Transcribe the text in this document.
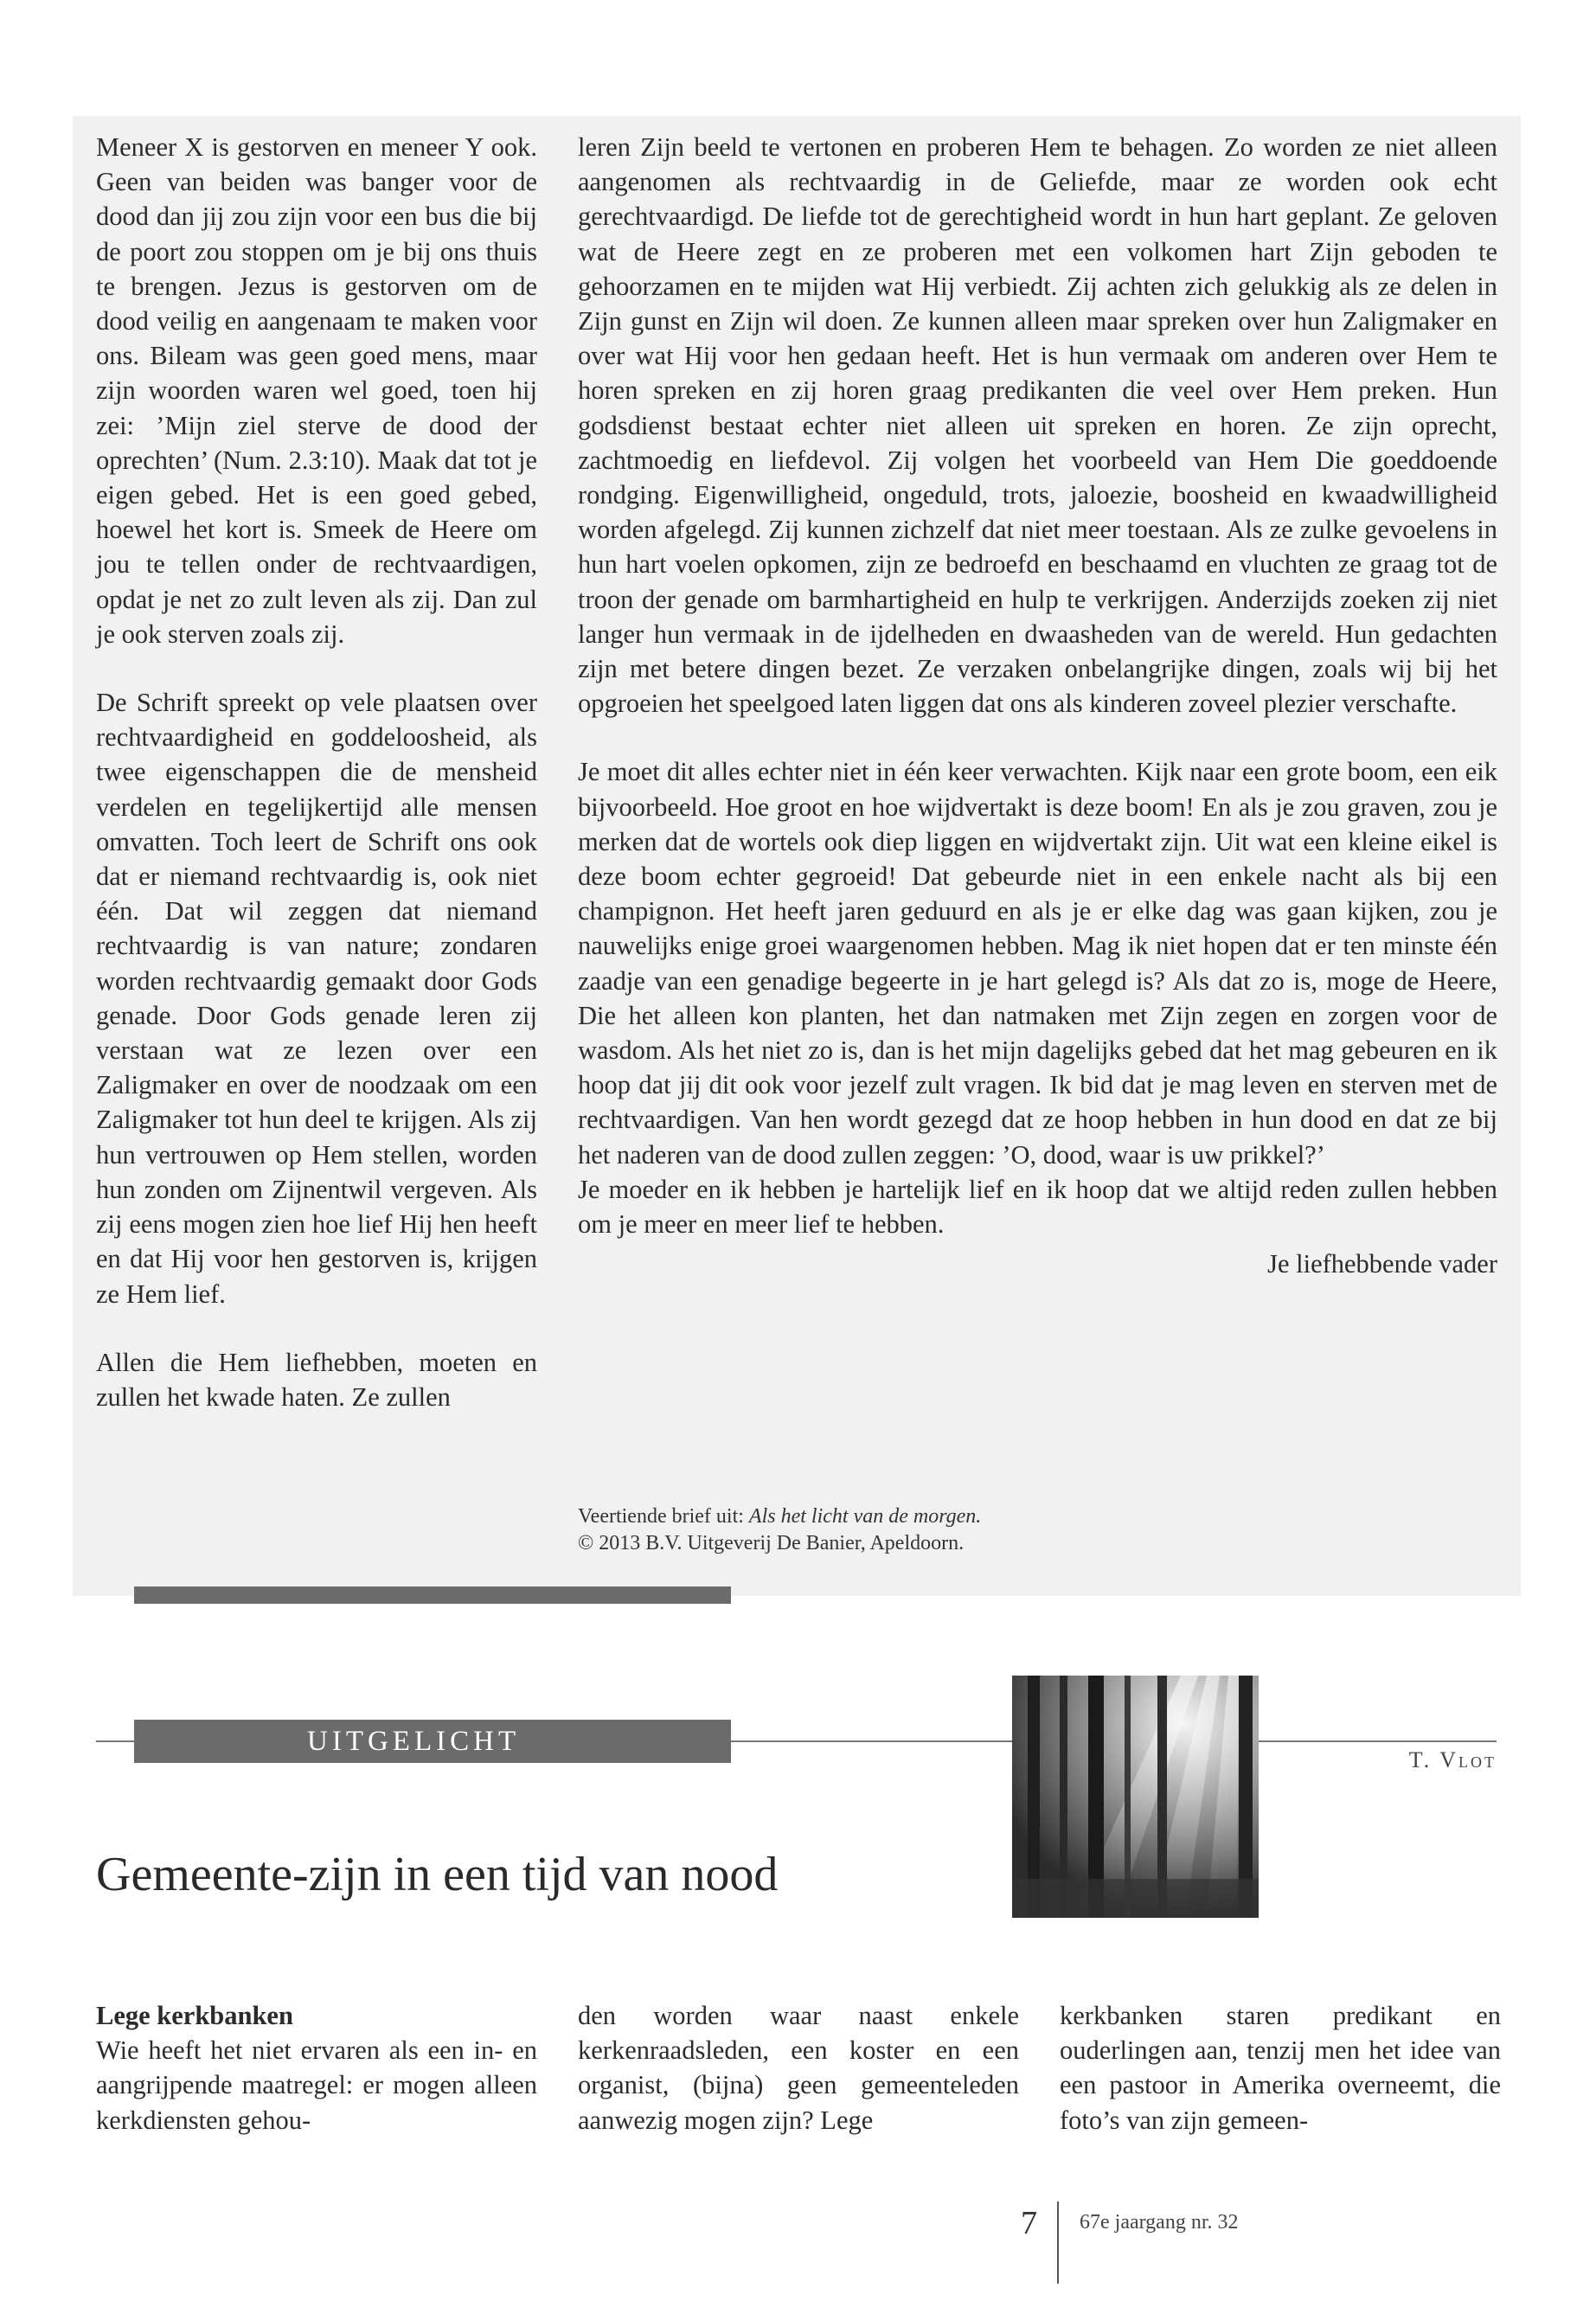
Meneer X is gestorven en meneer Y ook. Geen van beiden was banger voor de dood dan jij zou zijn voor een bus die bij de poort zou stoppen om je bij ons thuis te brengen. Jezus is gestorven om de dood veilig en aangenaam te maken voor ons. Bileam was geen goed mens, maar zijn woorden waren wel goed, toen hij zei: ’Mijn ziel sterve de dood der oprechten’ (Num. 2.3:10). Maak dat tot je eigen gebed. Het is een goed gebed, hoewel het kort is. Smeek de Heere om jou te tellen onder de rechtvaardigen, opdat je net zo zult leven als zij. Dan zul je ook sterven zoals zij.

De Schrift spreekt op vele plaatsen over rechtvaardigheid en goddeloosheid, als twee eigenschappen die de mensheid verdelen en tegelijkertijd alle mensen omvatten. Toch leert de Schrift ons ook dat er niemand rechtvaardig is, ook niet één. Dat wil zeggen dat niemand rechtvaardig is van nature; zondaren worden rechtvaardig gemaakt door Gods genade. Door Gods genade leren zij verstaan wat ze lezen over een Zaligmaker en over de noodzaak om een Zaligmaker tot hun deel te krijgen. Als zij hun vertrouwen op Hem stellen, worden hun zonden om Zijnentwil vergeven. Als zij eens mogen zien hoe lief Hij hen heeft en dat Hij voor hen gestorven is, krijgen ze Hem lief.

Allen die Hem liefhebben, moeten en zullen het kwade haten. Ze zullen

leren Zijn beeld te vertonen en proberen Hem te behagen. Zo worden ze niet alleen aangenomen als rechtvaardig in de Geliefde, maar ze worden ook echt gerechtvaardigd. De liefde tot de gerechtigheid wordt in hun hart geplant. Ze geloven wat de Heere zegt en ze proberen met een volkomen hart Zijn geboden te gehoorzamen en te mijden wat Hij verbiedt. Zij achten zich gelukkig als ze delen in Zijn gunst en Zijn wil doen. Ze kunnen alleen maar spreken over hun Zaligmaker en over wat Hij voor hen gedaan heeft. Het is hun vermaak om anderen over Hem te horen spreken en zij horen graag predikanten die veel over Hem preken. Hun godsdienst bestaat echter niet alleen uit spreken en horen. Ze zijn oprecht, zachtmoedig en liefdevol. Zij volgen het voorbeeld van Hem Die goeddoende rondging. Eigenwilligheid, ongeduld, trots, jaloezie, boosheid en kwaadwilligheid worden afgelegd. Zij kunnen zichzelf dat niet meer toestaan. Als ze zulke gevoelens in hun hart voelen opkomen, zijn ze bedroefd en beschaamd en vluchten ze graag tot de troon der genade om barmhartigheid en hulp te verkrijgen. Anderzijds zoeken zij niet langer hun vermaak in de ijdelheden en dwaasheden van de wereld. Hun gedachten zijn met betere dingen bezet. Ze verzaken onbelangrijke dingen, zoals wij bij het opgroeien het speelgoed laten liggen dat ons als kinderen zoveel plezier verschafte.

Je moet dit alles echter niet in één keer verwachten. Kijk naar een grote boom, een eik bijvoorbeeld. Hoe groot en hoe wijdvertakt is deze boom! En als je zou graven, zou je merken dat de wortels ook diep liggen en wijdvertakt zijn. Uit wat een kleine eikel is deze boom echter gegroeid! Dat gebeurde niet in een enkele nacht als bij een champignon. Het heeft jaren geduurd en als je er elke dag was gaan kijken, zou je nauwelijks enige groei waargenomen hebben. Mag ik niet hopen dat er ten minste één zaadje van een genadige begeerte in je hart gelegd is? Als dat zo is, moge de Heere, Die het alleen kon planten, het dan natmaken met Zijn zegen en zorgen voor de wasdom. Als het niet zo is, dan is het mijn dagelijks gebed dat het mag gebeuren en ik hoop dat jij dit ook voor jezelf zult vragen. Ik bid dat je mag leven en sterven met de rechtvaardigen. Van hen wordt gezegd dat ze hoop hebben in hun dood en dat ze bij het naderen van de dood zullen zeggen: ’O, dood, waar is uw prikkel?’

Je moeder en ik hebben je hartelijk lief en ik hoop dat we altijd reden zullen hebben om je meer en meer lief te hebben.

Je liefhebbende vader

Veertiende brief uit: Als het licht van de morgen.
© 2013 B.V. Uitgeverij De Banier, Apeldoorn.
UITGELICHT
T. Vlot
Gemeente-zijn in een tijd van nood
Lege kerkbanken

Wie heeft het niet ervaren als een in- en aangrijpende maatregel: er mogen alleen kerkdiensten gehou-

den worden waar naast enkele kerkenraadsleden, een koster en een organist, (bijna) geen gemeenteleden aanwezig mogen zijn? Lege

kerkbanken staren predikant en ouderlingen aan, tenzij men het idee van een pastoor in Amerika overneemt, die foto’s van zijn gemeen-

7 67e jaargang nr. 32
